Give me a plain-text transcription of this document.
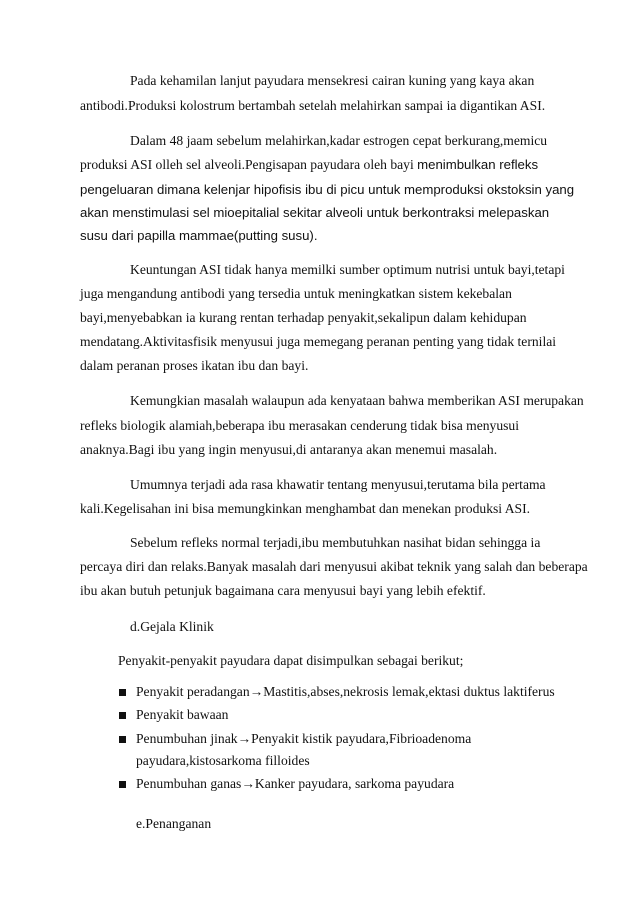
Pada kehamilan lanjut payudara mensekresi cairan kuning yang kaya akan
antibodi.Produksi kolostrum bertambah setelah melahirkan sampai ia digantikan ASI.
Dalam 48 jaam sebelum melahirkan,kadar estrogen cepat berkurang,memicu
produksi ASI olleh sel alveoli.Pengisapan payudara oleh bayi menimbulkan refleks
pengeluaran dimana kelenjar hipofisis ibu di picu untuk memproduksi okstoksin yang
akan menstimulasi sel mioepitalial sekitar alveoli untuk berkontraksi melepaskan
susu dari papilla mammae(putting susu).
Keuntungan ASI tidak hanya memilki sumber optimum nutrisi untuk bayi,tetapi
juga mengandung antibodi yang tersedia untuk meningkatkan sistem kekebalan
bayi,menyebabkan ia kurang rentan terhadap penyakit,sekalipun dalam kehidupan
mendatang.Aktivitasfisik menyusui juga memegang peranan penting yang tidak ternilai
dalam peranan proses ikatan ibu dan bayi.
Kemungkian masalah walaupun ada kenyataan bahwa memberikan ASI merupakan
refleks biologik alamiah,beberapa ibu merasakan cenderung tidak bisa menyusui
anaknya.Bagi ibu yang ingin menyusui,di antaranya akan menemui masalah.
Umumnya terjadi ada rasa khawatir tentang menyusui,terutama bila pertama
kali.Kegelisahan ini bisa memungkinkan menghambat dan menekan produksi ASI.
Sebelum refleks normal terjadi,ibu membutuhkan nasihat bidan sehingga ia
percaya diri dan relaks.Banyak masalah dari menyusui akibat teknik yang salah dan beberapa
ibu akan butuh petunjuk bagaimana cara menyusui bayi yang lebih efektif.
d.Gejala Klinik
Penyakit-penyakit payudara dapat disimpulkan sebagai berikut;
Penyakit peradangan→Mastitis,abses,nekrosis lemak,ektasi duktus laktiferus
Penyakit bawaan
Penumbuhan jinak→Penyakit kistik payudara,Fibrioadenoma
payudara,kistosarkoma filloides
Penumbuhan ganas→Kanker payudara, sarkoma payudara
e.Penanganan
